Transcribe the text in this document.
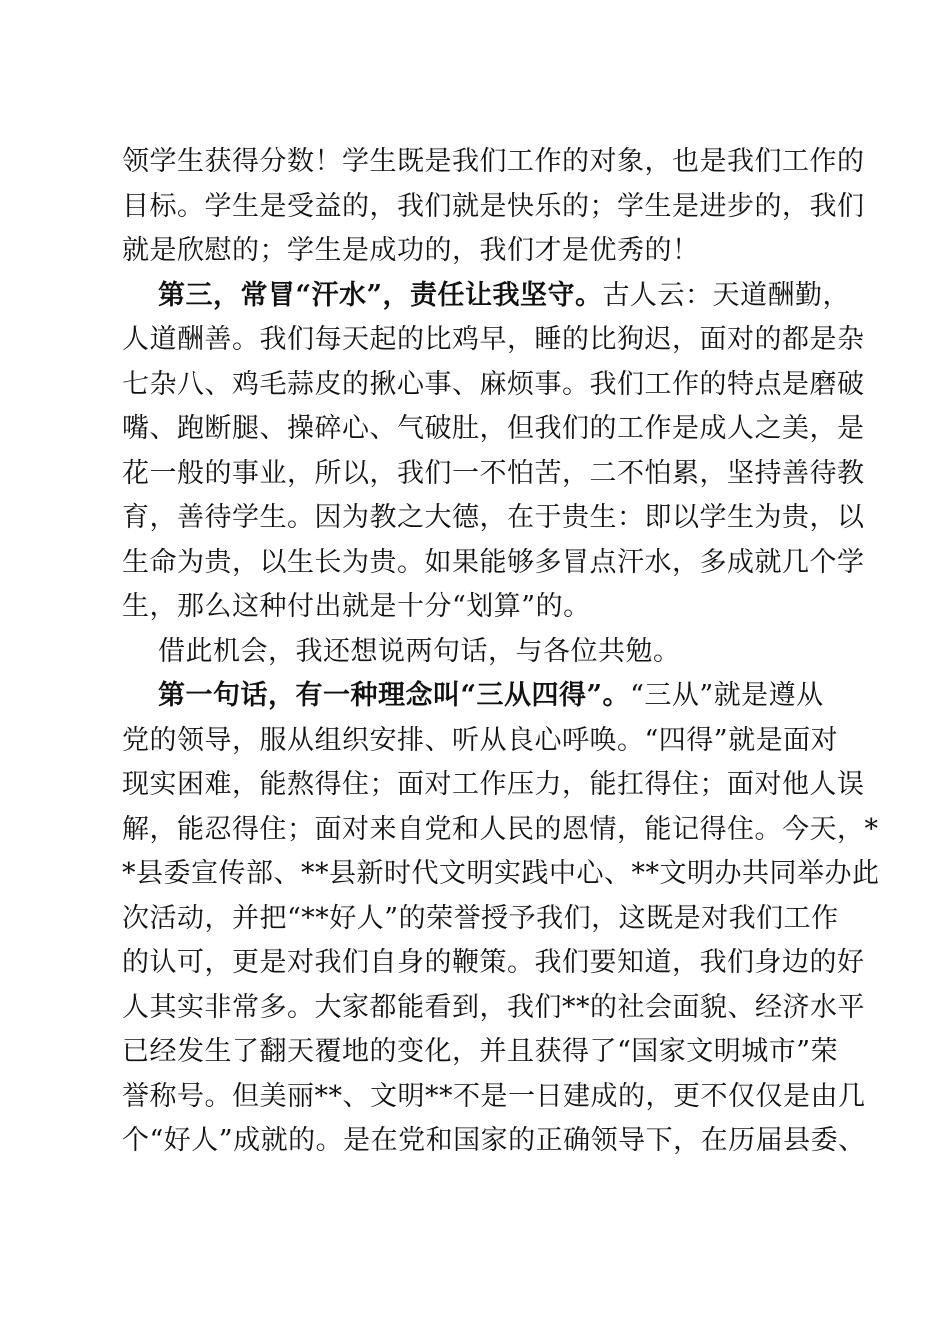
领学生获得分数！学生既是我们工作的对象，也是我们工作的
目标。学生是受益的，我们就是快乐的；学生是进步的，我们
就是欣慰的；学生是成功的，我们才是优秀的！
第三，常冒“汗水”，责任让我坚守。古人云：天道酬勤，
人道酬善。我们每天起的比鸡早，睡的比狗迟，面对的都是杂
七杂八、鸡毛蒜皮的揪心事、麻烦事。我们工作的特点是磨破
嘴、跑断腿、操碎心、气破肚，但我们的工作是成人之美，是
花一般的事业，所以，我们一不怕苦，二不怕累，坚持善待教
育，善待学生。因为教之大德，在于贵生：即以学生为贵，以
生命为贵，以生长为贵。如果能够多冒点汗水，多成就几个学
生，那么这种付出就是十分“划算”的。
借此机会，我还想说两句话，与各位共勉。
第一句话，有一种理念叫“三从四得”。“三从”就是遵从
党的领导，服从组织安排、听从良心呼唤。“四得”就是面对
现实困难，能熬得住；面对工作压力，能扛得住；面对他人误
解，能忍得住；面对来自党和人民的恩情，能记得住。今天，*
*县委宣传部、**县新时代文明实践中心、**文明办共同举办此
次活动，并把“**好人”的荣誉授予我们，这既是对我们工作
的认可，更是对我们自身的鞭策。我们要知道，我们身边的好
人其实非常多。大家都能看到，我们**的社会面貌、经济水平
已经发生了翻天覆地的变化，并且获得了“国家文明城市”荣
誉称号。但美丽**、文明**不是一日建成的，更不仅仅是由几
个“好人”成就的。是在党和国家的正确领导下，在历届县委、
